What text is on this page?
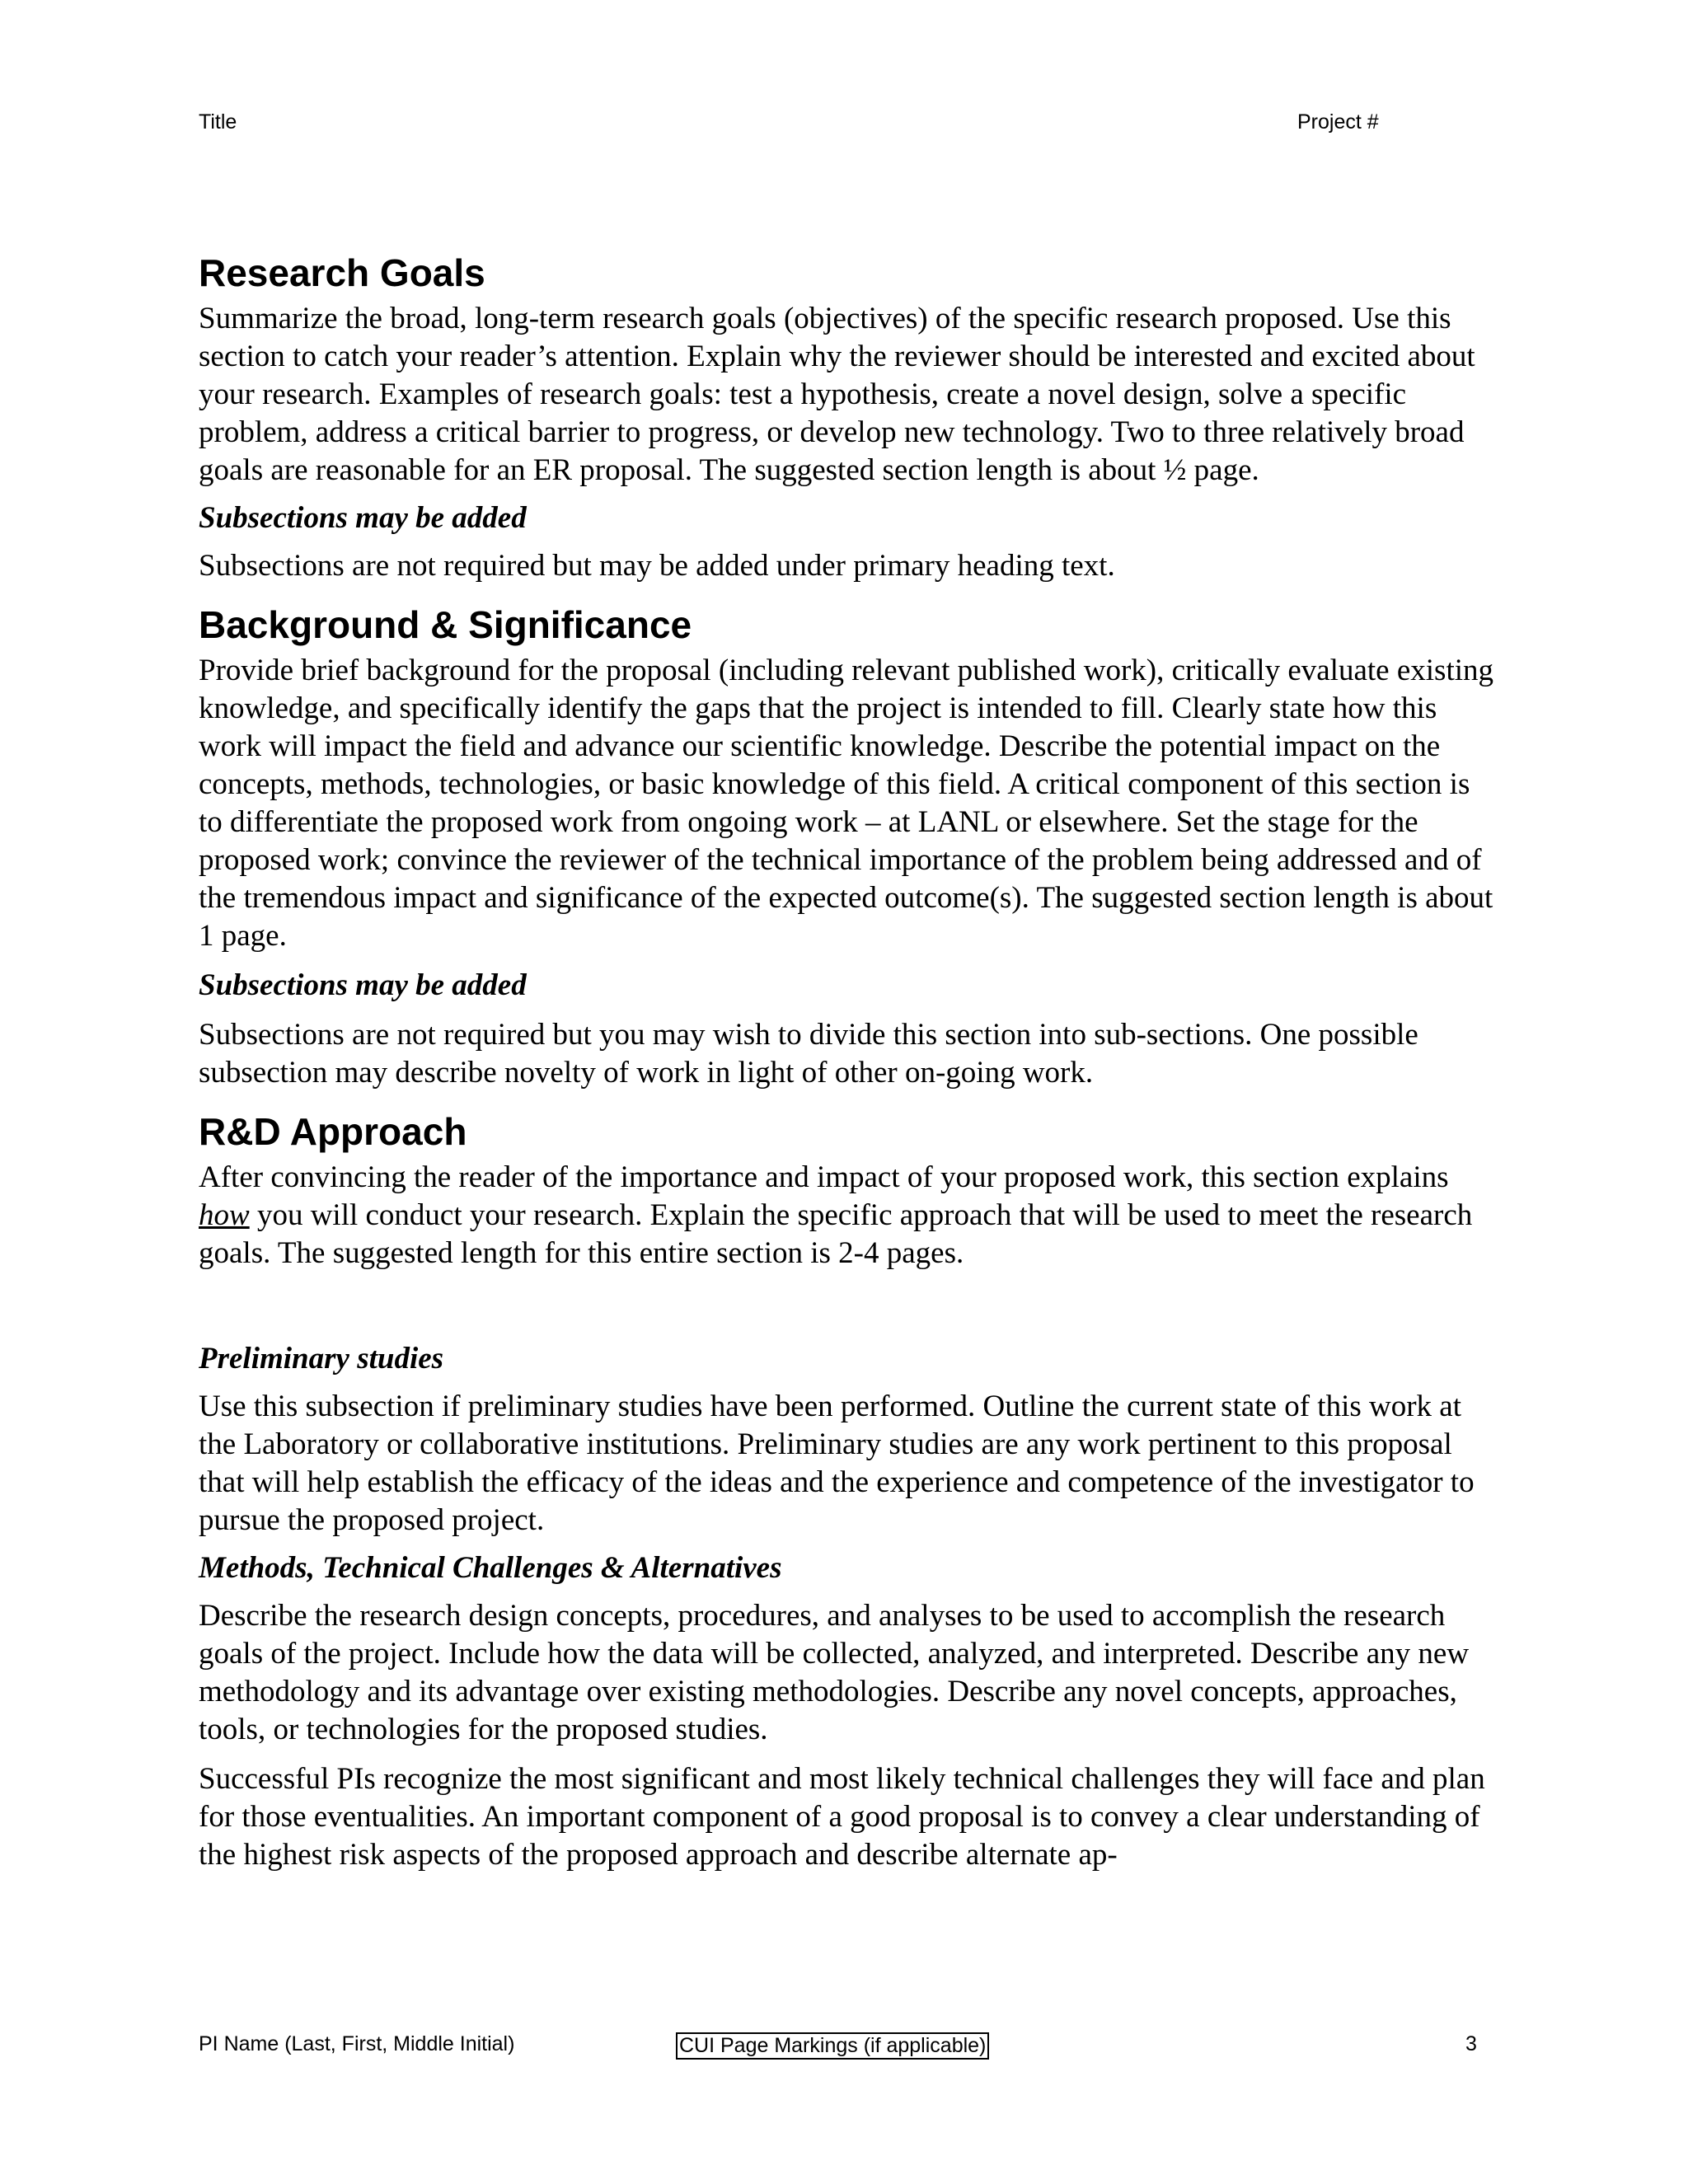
Title	Project #
Research Goals

Summarize the broad, long-term research goals (objectives) of the specific research proposed. Use this section to catch your reader’s attention. Explain why the reviewer should be interested and excited about your research. Examples of research goals: test a hypothesis, create a novel design, solve a specific problem, address a critical barrier to progress, or develop new technology. Two to three relatively broad goals are reasonable for an ER proposal. The suggested section length is about ½ page.

Subsections may be added

Subsections are not required but may be added under primary heading text.

Background & Significance

Provide brief background for the proposal (including relevant published work), critically evaluate existing knowledge, and specifically identify the gaps that the project is intended to fill. Clearly state how this work will impact the field and advance our scientific knowledge. Describe the potential impact on the concepts, methods, technologies, or basic knowledge of this field. A critical component of this section is to differentiate the proposed work from ongoing work – at LANL or elsewhere. Set the stage for the proposed work; convince the reviewer of the technical importance of the problem being addressed and of the tremendous impact and significance of the expected outcome(s). The suggested section length is about 1 page.

Subsections may be added

Subsections are not required but you may wish to divide this section into sub-sections. One possible subsection may describe novelty of work in light of other on-going work.

R&D Approach

After convincing the reader of the importance and impact of your proposed work, this section explains how you will conduct your research. Explain the specific approach that will be used to meet the research goals. The suggested length for this entire section is 2-4 pages.

Preliminary studies

Use this subsection if preliminary studies have been performed. Outline the current state of this work at the Laboratory or collaborative institutions. Preliminary studies are any work pertinent to this proposal that will help establish the efficacy of the ideas and the experience and competence of the investigator to pursue the proposed project.

Methods, Technical Challenges & Alternatives

Describe the research design concepts, procedures, and analyses to be used to accomplish the research goals of the project. Include how the data will be collected, analyzed, and interpreted. Describe any new methodology and its advantage over existing methodologies. Describe any novel concepts, approaches, tools, or technologies for the proposed studies.

Successful PIs recognize the most significant and most likely technical challenges they will face and plan for those eventualities. An important component of a good proposal is to convey a clear understanding of the highest risk aspects of the proposed approach and describe alternate ap-

PI Name (Last, First, Middle Initial)	CUI Page Markings (if applicable)	3
